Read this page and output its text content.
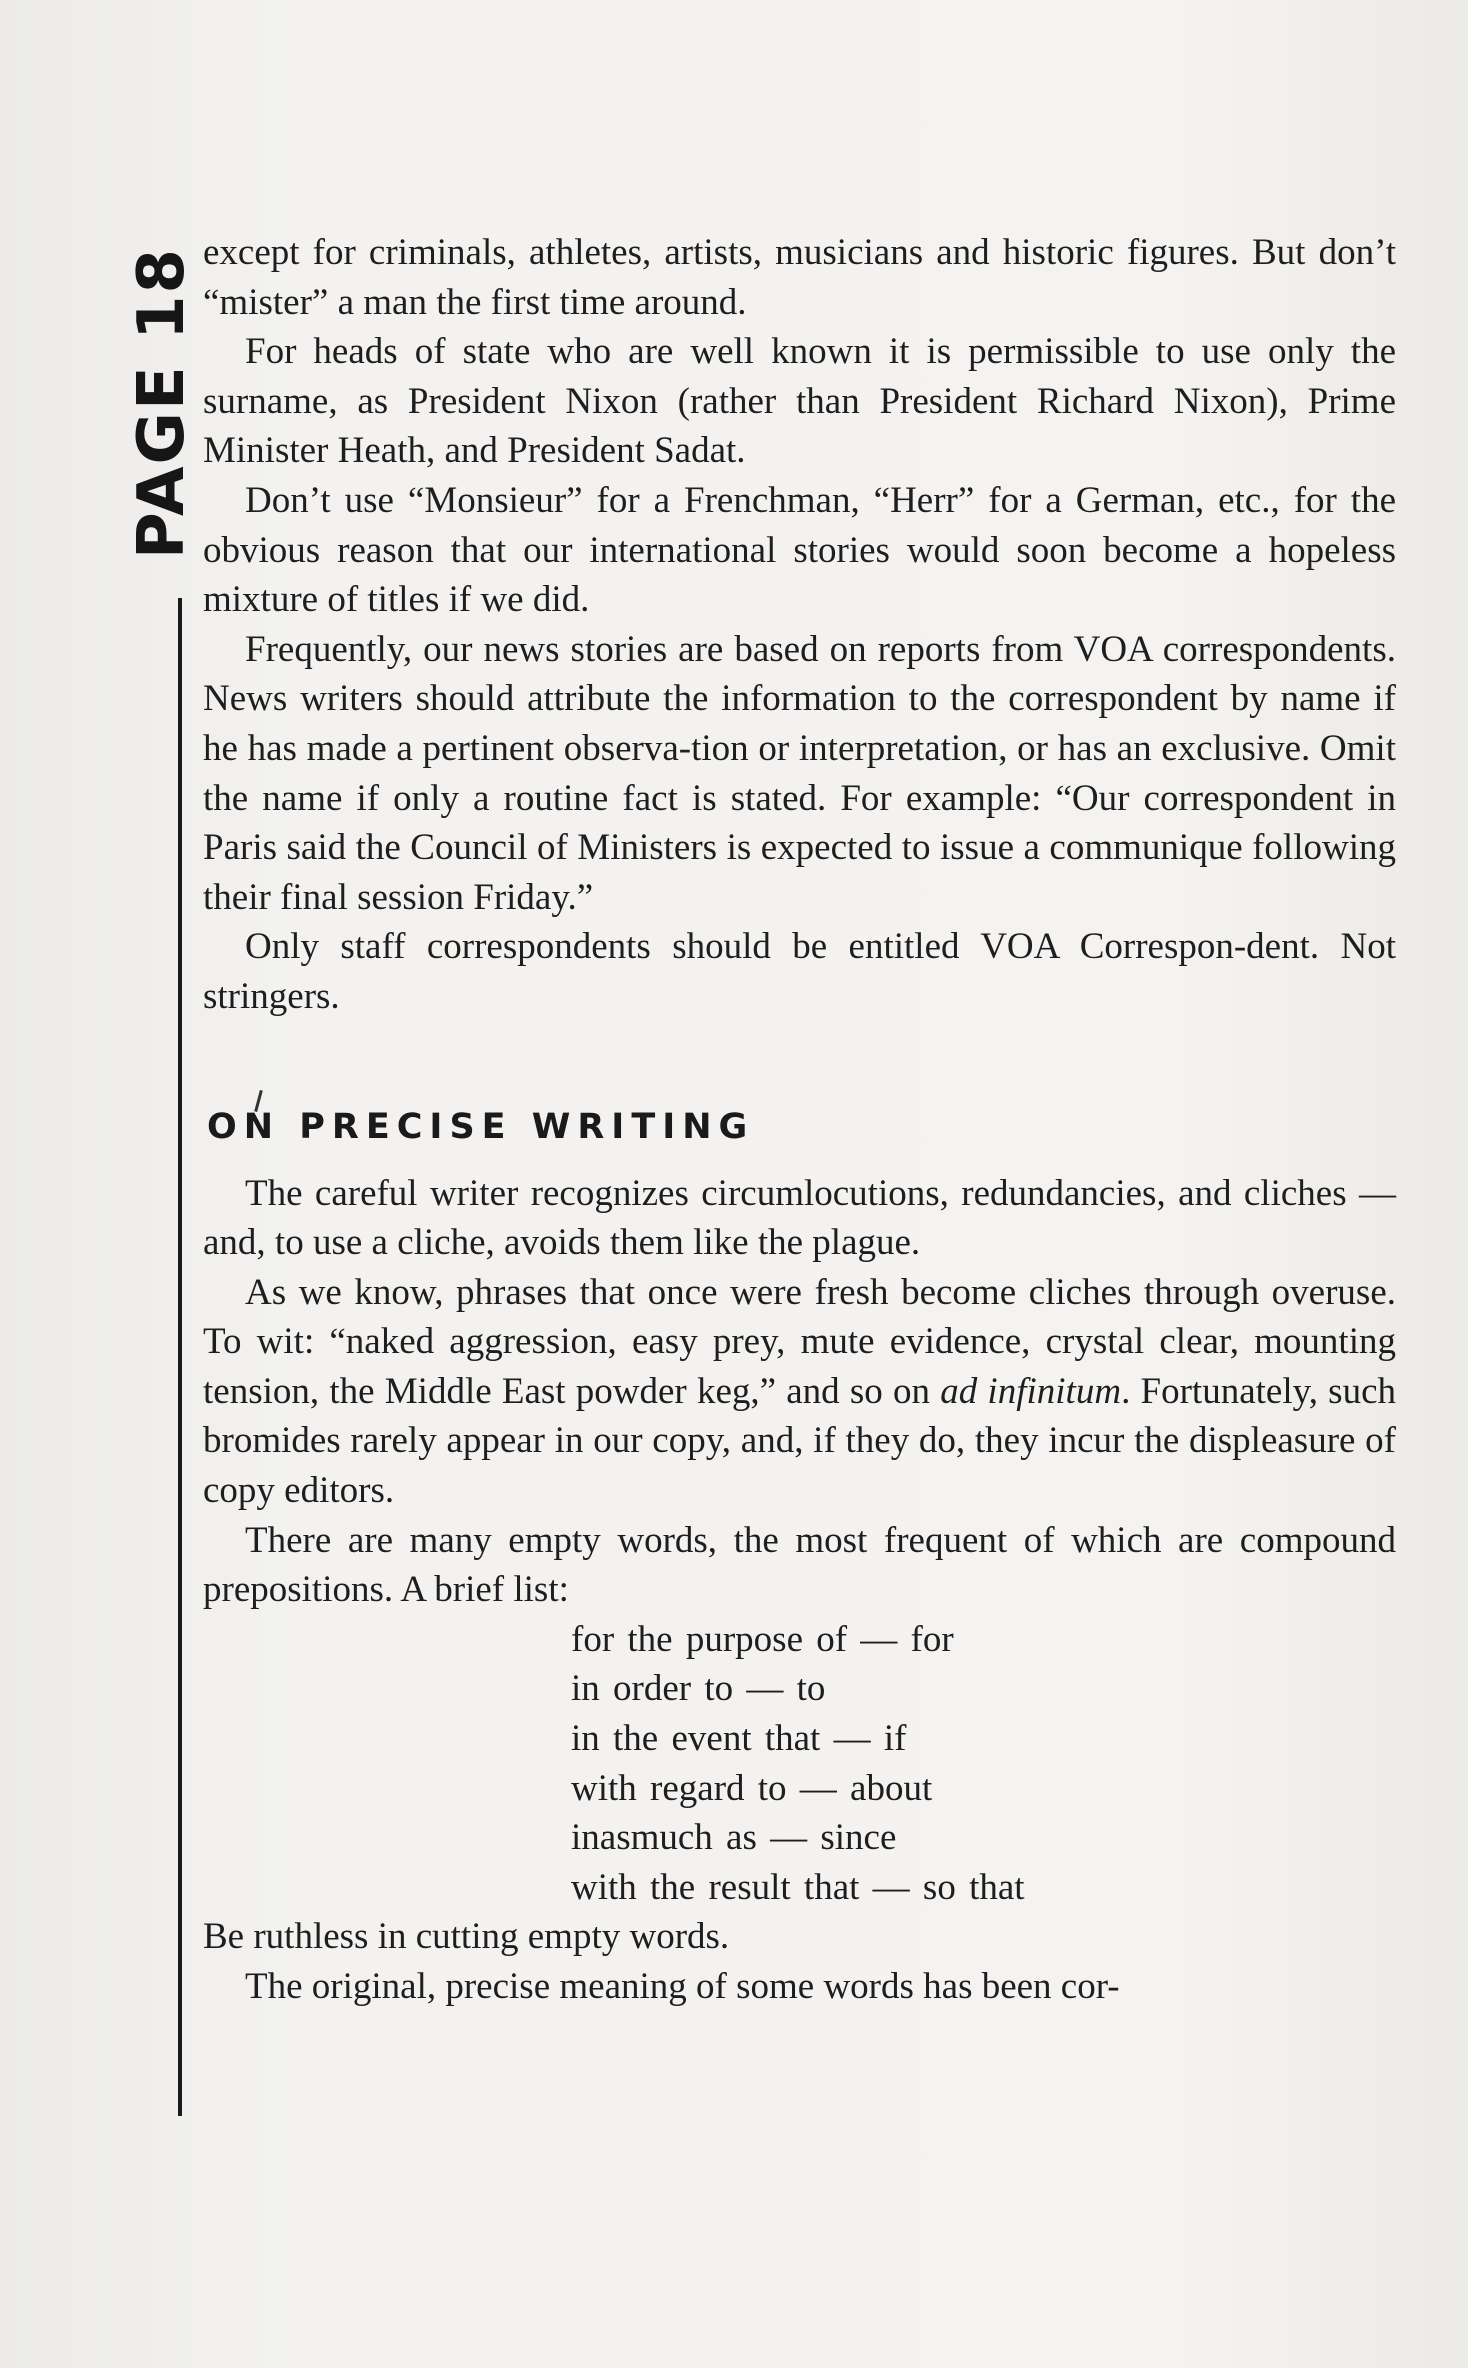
PAGE 18 except for criminals, athletes, artists, musicians and historic figures. But don’t “mister” a man the first time around.

For heads of state who are well known it is permissible to use only the surname, as President Nixon (rather than President Richard Nixon), Prime Minister Heath, and President Sadat.

Don’t use “Monsieur” for a Frenchman, “Herr” for a German, etc., for the obvious reason that our international stories would soon become a hopeless mixture of titles if we did.

Frequently, our news stories are based on reports from VOA correspondents. News writers should attribute the information to the correspondent by name if he has made a pertinent observa-tion or interpretation, or has an exclusive. Omit the name if only a routine fact is stated. For example: “Our correspondent in Paris said the Council of Ministers is expected to issue a communique following their final session Friday.”

Only staff correspondents should be entitled VOA Correspon-dent. Not stringers.

ON PRECISE WRITING

The careful writer recognizes circumlocutions, redundancies, and cliches — and, to use a cliche, avoids them like the plague.

As we know, phrases that once were fresh become cliches through overuse. To wit: “naked aggression, easy prey, mute evidence, crystal clear, mounting tension, the Middle East powder keg,” and so on ad infinitum. Fortunately, such bromides rarely appear in our copy, and, if they do, they incur the displeasure of copy editors.

There are many empty words, the most frequent of which are compound prepositions. A brief list:

for the purpose of — for
in order to — to
in the event that — if
with regard to — about
inasmuch as — since
with the result that — so that

Be ruthless in cutting empty words.

The original, precise meaning of some words has been cor-
